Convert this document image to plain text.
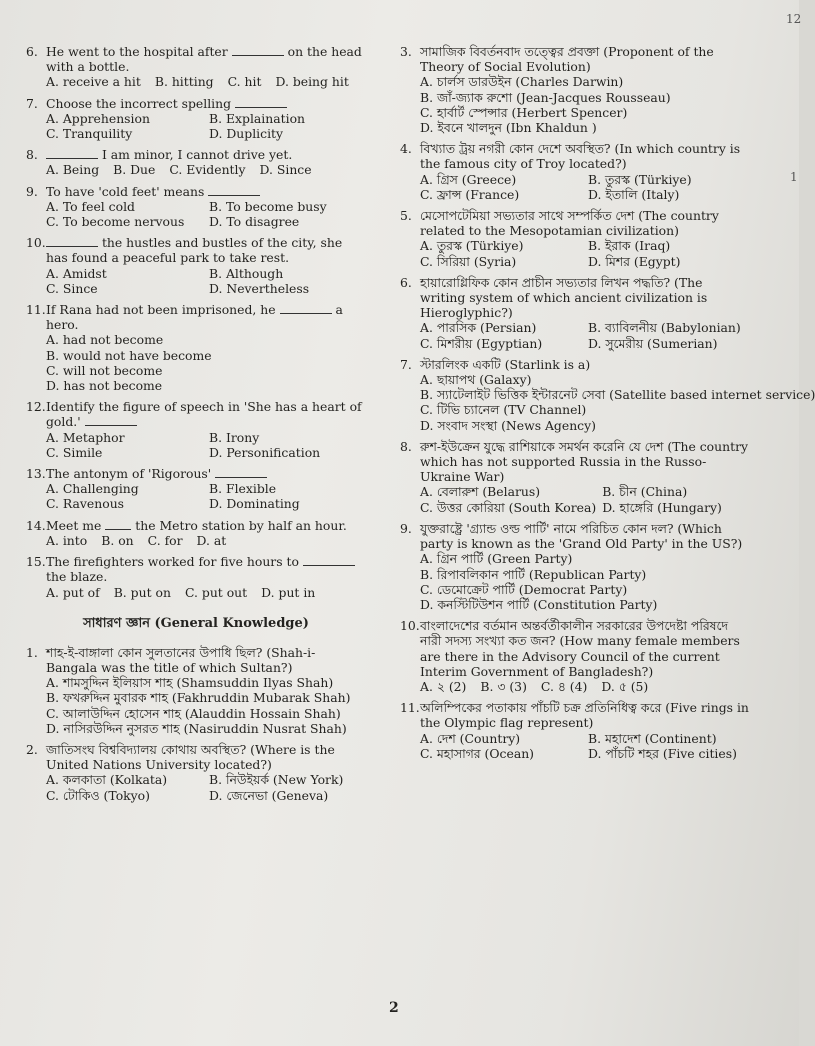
6. He went to the hospital after	on the head with a bottle.
A. receive a hit B. hitting C. hit D. being hit
7. Choose the incorrect spelling
A. Apprehension	B. Explaination
C. Tranquility	D. Duplicity
8.	I am minor, I cannot drive yet.
A. Being B. Due C. Evidently D. Since
9. To have 'cold feet' means
A. To feel cold	B. To become busy
C. To become nervous	D. To disagree
10.	the hustles and bustles of the city, she has found a peaceful park to take rest.
A. Amidst	B. Although
C. Since	D. Nevertheless
11. If Rana had not been imprisoned, he	a hero.
A. had not become
B. would not have become
C. will not become
D. has not become
12. Identify the figure of speech in 'She has a heart of gold.'
A. Metaphor	B. Irony
C. Simile	D. Personification
13. The antonym of 'Rigorous'
A. Challenging	B. Flexible
C. Ravenous	D. Dominating
14. Meet me	the Metro station by half an hour.
A. into B. on C. for D. at
15. The firefighters worked for five hours to  the blaze.
A. put of B. put on C. put out D. put in
সাধারণ জ্ঞান (General Knowledge)
1. শাহ-ই-বাঙ্গালা কোন সুলতানের উপাধি ছিল? (Shah-i-Bangala was the title of which Sultan?)
A. শামসুদ্দিন ইলিয়াস শাহ (Shamsuddin Ilyas Shah)
B. ফখরুদ্দিন মুবারক শাহ (Fakhruddin Mubarak Shah)
C. আলাউদ্দিন হোসেন শাহ (Alauddin Hossain Shah)
D. নাসিরউদ্দিন নুসরত শাহ (Nasiruddin Nusrat Shah)
2. জাতিসংঘ বিশ্ববিদ্যালয় কোথায় অবস্থিত? (Where is the United Nations University located?)
A. কলকাতা (Kolkata)	B. নিউইয়র্ক (New York)
C. টোকিও (Tokyo)	D. জেনেভা (Geneva)
3. সামাজিক বিবর্তনবাদ তত্ত্বের প্রবক্তা (Proponent of the Theory of Social Evolution)
A. চার্লস ডারউইন (Charles Darwin)
B. জাঁ-জ্যাক রুশো (Jean-Jacques Rousseau)
C. হার্বার্ট স্পেন্সার (Herbert Spencer)
D. ইবনে খালদুন (Ibn Khaldun )
4. বিখ্যাত ট্রয় নগরী কোন দেশে অবস্থিত? (In which country is the famous city of Troy located?)
A. গ্রিস (Greece)	B. তুরস্ক (Türkiye)
C. ফ্রান্স (France)	D. ইতালি (Italy)
5. মেসোপটেমিয়া সভ্যতার সাথে সম্পর্কিত দেশ (The country related to the Mesopotamian civilization)
A. তুরস্ক (Türkiye)	B. ইরাক (Iraq)
C. সিরিয়া (Syria)	D. মিশর (Egypt)
6. হায়ারোগ্লিফিক কোন প্রাচীন সভ্যতার লিখন পদ্ধতি? (The writing system of which ancient civilization is Hieroglyphic?)
A. পারসিক (Persian)	B. ব্যাবিলনীয় (Babylonian)
C. মিশরীয় (Egyptian)	D. সুমেরীয় (Sumerian)
7. স্টারলিংক একটি (Starlink is a)
A. ছায়াপথ (Galaxy)
B. স্যাটেলাইট ভিত্তিক ইন্টারনেট সেবা (Satellite based internet service)
C. টিভি চ্যানেল (TV Channel)
D. সংবাদ সংস্থা (News Agency)
8. রুশ-ইউক্রেন যুদ্ধে রাশিয়াকে সমর্থন করেনি যে দেশ (The country which has not supported Russia in the Russo-Ukraine War)
A. বেলারুশ (Belarus)	B. চীন (China)
C. উত্তর কোরিয়া (South Korea) D. হাঙ্গেরি (Hungary)
9. যুক্তরাষ্ট্রে 'গ্র্যান্ড ওল্ড পার্টি' নামে পরিচিত কোন দল? (Which party is known as the 'Grand Old Party' in the US?)
A. গ্রিন পার্টি (Green Party)
B. রিপাবলিকান পার্টি (Republican Party)
C. ডেমোক্রেট পার্টি (Democrat Party)
D. কনস্টিটিউশন পার্টি (Constitution Party)
10. বাংলাদেশের বর্তমান অন্তর্বর্তীকালীন সরকারের উপদেষ্টা পরিষদে নারী সদস্য সংখ্যা কত জন? (How many female members are there in the Advisory Council of the current Interim Government of Bangladesh?)
A. ২ (2) B. ৩ (3) C. ৪ (4) D. ৫ (5)
11. অলিম্পিকের পতাকায় পাঁচটি চক্র প্রতিনিধিত্ব করে (Five rings in the Olympic flag represent)
A. দেশ (Country)	B. মহাদেশ (Continent)
C. মহাসাগর (Ocean)	D. পাঁচটি শহর (Five cities)
2
12
1
